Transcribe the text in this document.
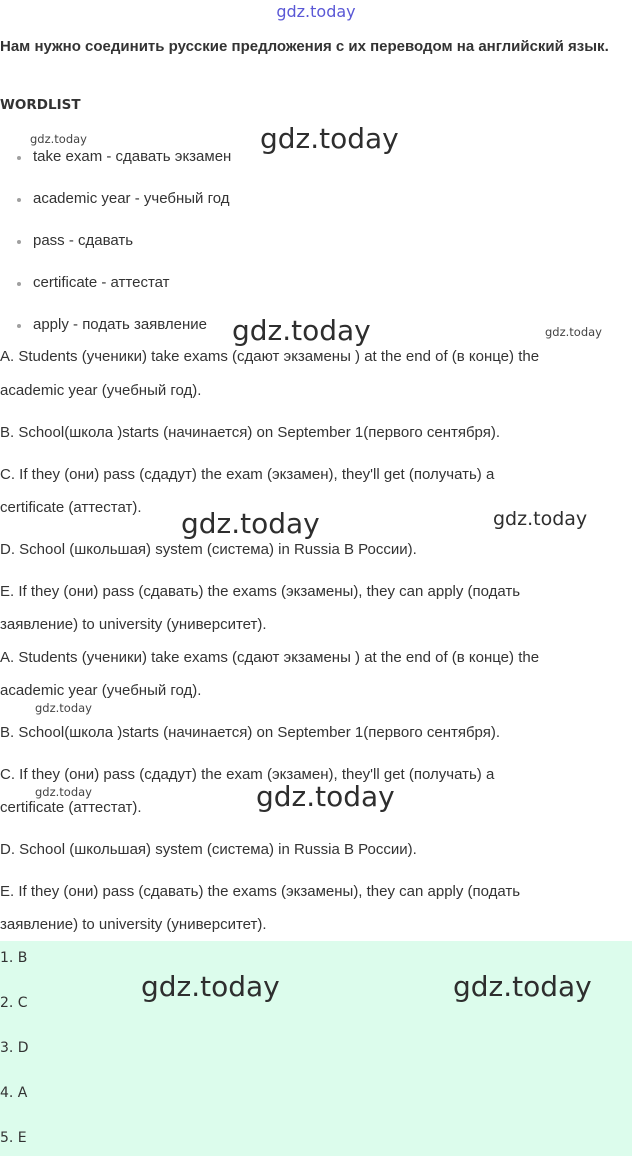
gdz.today
Нам нужно соединить русские предложения с их переводом на английский язык.
WORDLIST
take exam - сдавать экзамен
academic year - учебный год
pass - сдавать
certificate - аттестат
apply - подать заявление
A. Students (ученики) take exams (сдают экзамены ) at the end of (в конце) the
academic year (учебный год).
B. School(школа )starts (начинается) on September 1(первого сентября).
C. If they (они) pass (сдадут) the exam (экзамен), they'll get (получать) a
certificate (аттестат).
D. School (школьшая) system (система) in Russia В России).
E. If they (они) pass (сдавать) the exams (экзамены), they can apply (подать
заявление) to university (университет).
A. Students (ученики) take exams (сдают экзамены ) at the end of (в конце) the
academic year (учебный год).
B. School(школа )starts (начинается) on September 1(первого сентября).
C. If they (они) pass (сдадут) the exam (экзамен), they'll get (получать) a
certificate (аттестат).
D. School (школьшая) system (система) in Russia В России).
E. If they (они) pass (сдавать) the exams (экзамены), they can apply (подать
заявление) to university (университет).
1. B
2. C
3. D
4. A
5. E
gdz.today	gdz.today
gdz.today	gdz.today
gdz.today	gdz.today
gdz.today
gdz.today	gdz.today
gdz.today	gdz.today
